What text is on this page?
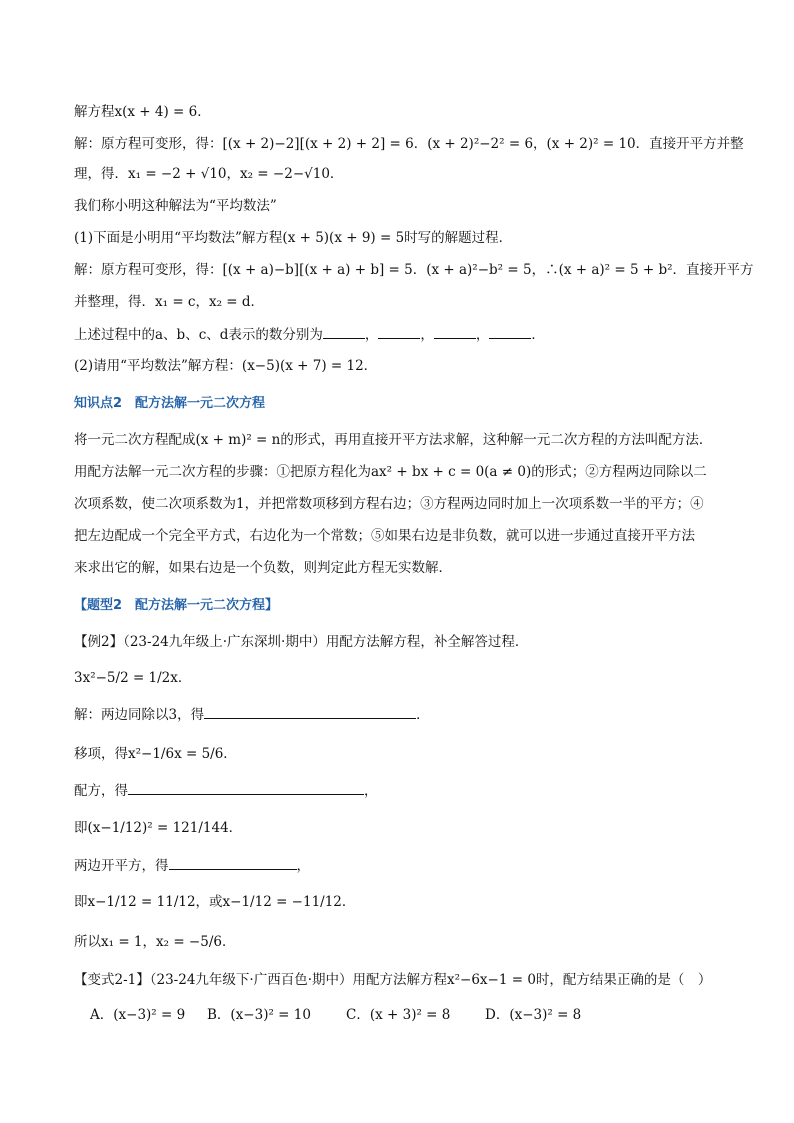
解方程x(x + 4) = 6．
解：原方程可变形，得：[(x + 2)−2][(x + 2) + 2] = 6．(x + 2)²−2² = 6，(x + 2)² = 10．直接开平方并整
理，得．x₁ = −2 + √10，x₂ = −2−√10．
我们称小明这种解法为“平均数法”
(1)下面是小明用“平均数法”解方程(x + 5)(x + 9) = 5时写的解题过程．
解：原方程可变形，得：[(x + a)−b][(x + a) + b] = 5．(x + a)²−b² = 5，∴(x + a)² = 5 + b²．直接开平方
并整理，得．x₁ = c，x₂ = d．
上述过程中的a、b、c、d表示的数分别为	，	，	，	．
(2)请用“平均数法”解方程：(x−5)(x + 7) = 12．
知识点2　配方法解一元二次方程
将一元二次方程配成(x + m)² = n的形式，再用直接开平方法求解，这种解一元二次方程的方法叫配方法．
用配方法解一元二次方程的步骤：①把原方程化为ax² + bx + c = 0(a ≠ 0)的形式；②方程两边同除以二
次项系数，使二次项系数为1，并把常数项移到方程右边；③方程两边同时加上一次项系数一半的平方；④
把左边配成一个完全平方式，右边化为一个常数；⑤如果右边是非负数，就可以进一步通过直接开平方法
来求出它的解，如果右边是一个负数，则判定此方程无实数解．
【题型2　配方法解一元二次方程】
【例2】（23-24九年级上·广东深圳·期中）用配方法解方程，补全解答过程．
3x²−5/2 = 1/2x．
解：两边同除以3，得	．
移项，得x²−1/6x = 5/6．
配方，得	，
即(x−1/12)² = 121/144．
两边开平方，得	，
即x−1/12 = 11/12，或x−1/12 = −11/12．
所以x₁ = 1，x₂ = −5/6．
【变式2-1】（23-24九年级下·广西百色·期中）用配方法解方程x²−6x−1 = 0时，配方结果正确的是（　）
A．(x−3)² = 9 B．(x−3)² = 10	C．(x + 3)² = 8	D．(x−3)² = 8
